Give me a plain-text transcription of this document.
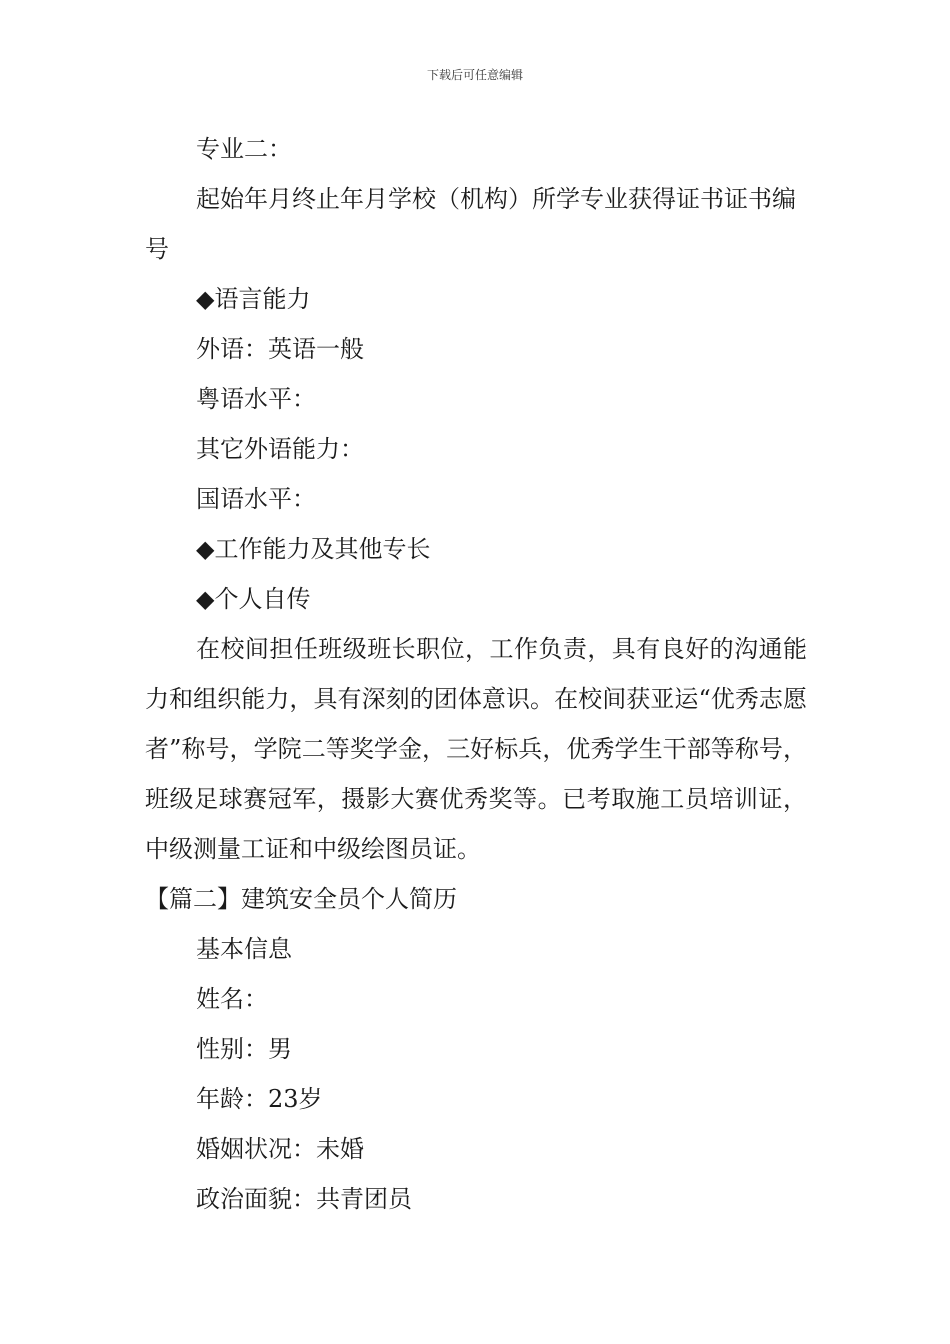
下载后可任意编辑
专业二：
起始年月终止年月学校（机构）所学专业获得证书证书编号
◆语言能力
外语：英语一般
粤语水平：
其它外语能力：
国语水平：
◆工作能力及其他专长
◆个人自传
在校间担任班级班长职位，工作负责，具有良好的沟通能力和组织能力，具有深刻的团体意识。在校间获亚运“优秀志愿者”称号，学院二等奖学金，三好标兵，优秀学生干部等称号，班级足球赛冠军，摄影大赛优秀奖等。已考取施工员培训证，中级测量工证和中级绘图员证。
【篇二】建筑安全员个人简历
基本信息
姓名：
性别：男
年龄：23岁
婚姻状况：未婚
政治面貌：共青团员
